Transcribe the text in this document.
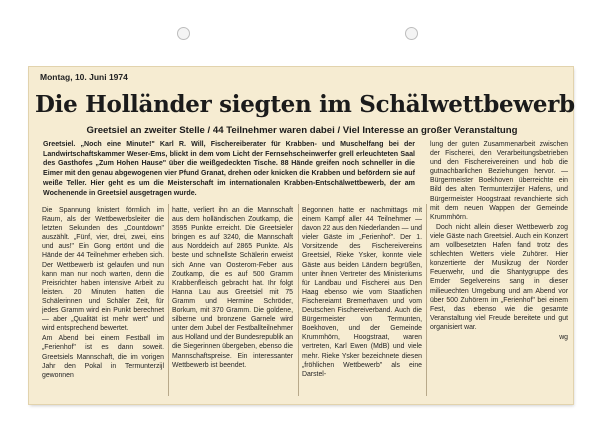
Montag, 10. Juni 1974
Die Holländer siegten im Schälwettbewerb
Greetsiel an zweiter Stelle / 44 Teilnehmer waren dabei / Viel Interesse an großer Veranstaltung
Greetsiel. „Noch eine Minute!" Karl R. Will, Fischereiberater für Krabben- und Muschelfang bei der Landwirtschaftskammer Weser-Ems, blickt in dem vom Licht der Fernsehscheinwerfer grell erleuchteten Saal des Gasthofes „Zum Hohen Hause" über die weißgedeckten Tische. 88 Hände greifen noch schneller in die Eimer mit den genau abgewogenen vier Pfund Granat, drehen oder knicken die Krabben und befördern sie auf weiße Teller. Hier geht es um die Meisterschaft im internationalen Krabben-Entschälwettbewerb, der am Wochenende in Greetsiel ausgetragen wurde.

Die Spannung knistert förmlich im Raum, als der Wettbewerbsleiter die letzten Sekunden des „Countdown" auszählt. „Fünf, vier, drei, zwei, eins und aus!" Ein Gong ertönt und die Hände der 44 Teilnehmer erheben sich. Der Wettbewerb ist gelaufen und nun kann man nur noch warten, denn die Preisrichter haben intensive Arbeit zu leisten. 20 Minuten hatten die Schälerinnen und Schäler Zeit, für jedes Gramm wird ein Punkt berechnet — aber „Qualität ist mehr wert" und wird entsprechend bewertet.

Am Abend bei einem Festball im „Ferienhof" ist es dann soweit. Greetsiels Mannschaft, die im vorigen Jahr den Pokal in Termunterzijl gewonnen

hatte, verliert ihn an die Mannschaft aus dem holländischen Zoutkamp, die 3595 Punkte erreicht. Die Greetsieler bringen es auf 3240, die Mannschaft aus Norddeich auf 2865 Punkte. Als beste und schnellste Schälerin erweist sich Anne van Oosterom-Feber aus Zoutkamp, die es auf 500 Gramm Krabbenfleisch gebracht hat. Ihr folgt Hanna Lau aus Greetsiel mit 75 Gramm und Hermine Schröder, Borkum, mit 370 Gramm. Die goldene, silberne und bronzene Garnele wird unter dem Jubel der Festballteilnehmer aus Holland und der Bundesrepublik an die Siegerinnen übergeben, ebenso die Mannschaftspreise. Ein interessanter Wettbewerb ist beendet.

Begonnen hatte er nachmittags mit einem Kampf aller 44 Teilnehmer — davon 22 aus den Niederlanden — und vieler Gäste im „Ferienhof". Der 1. Vorsitzende des Fischereivereins Greetsiel, Rieke Ysker, konnte viele Gäste aus beiden Ländern begrüßen, unter ihnen Vertreter des Ministeriums für Landbau und Fischerei aus Den Haag ebenso wie vom Staatlichen Fischereiamt Bremerhaven und vom Deutschen Fischereiverband. Auch die Bürgermeister von Termunten, Boekhoven, und der Gemeinde Krummhörn, Hoogstraat, waren vertreten, Karl Ewen (MdB) und viele mehr. Rieke Ysker bezeichnete diesen „fröhlichen Wettbewerb" als eine Darstel-

lung der guten Zusammenarbeit zwischen der Fischerei, den Verarbeitungsbetrieben und den Fischereivereinen und hob die gutnachbarlichen Beziehungen hervor. — Bürgermeister Boekhoven überreichte ein Bild des alten Termunterzijler Hafens, und Bürgermeister Hoogstraat revanchierte sich mit dem neuen Wappen der Gemeinde Krummhörn.

Doch nicht allein dieser Wettbewerb zog viele Gäste nach Greetsiel. Auch ein Konzert am vollbesetzten Hafen fand trotz des schlechten Wetters viele Zuhörer. Hier konzertierte der Musikzug der Norder Feuerwehr, und die Shantygruppe des Emder Segelvereins sang in dieser milieuechten Umgebung und am Abend vor über 500 Zuhörern im „Ferienhof" bei einem Fest, das ebenso wie die gesamte Veranstaltung viel Freude bereitete und gut organisiert war.

wg
